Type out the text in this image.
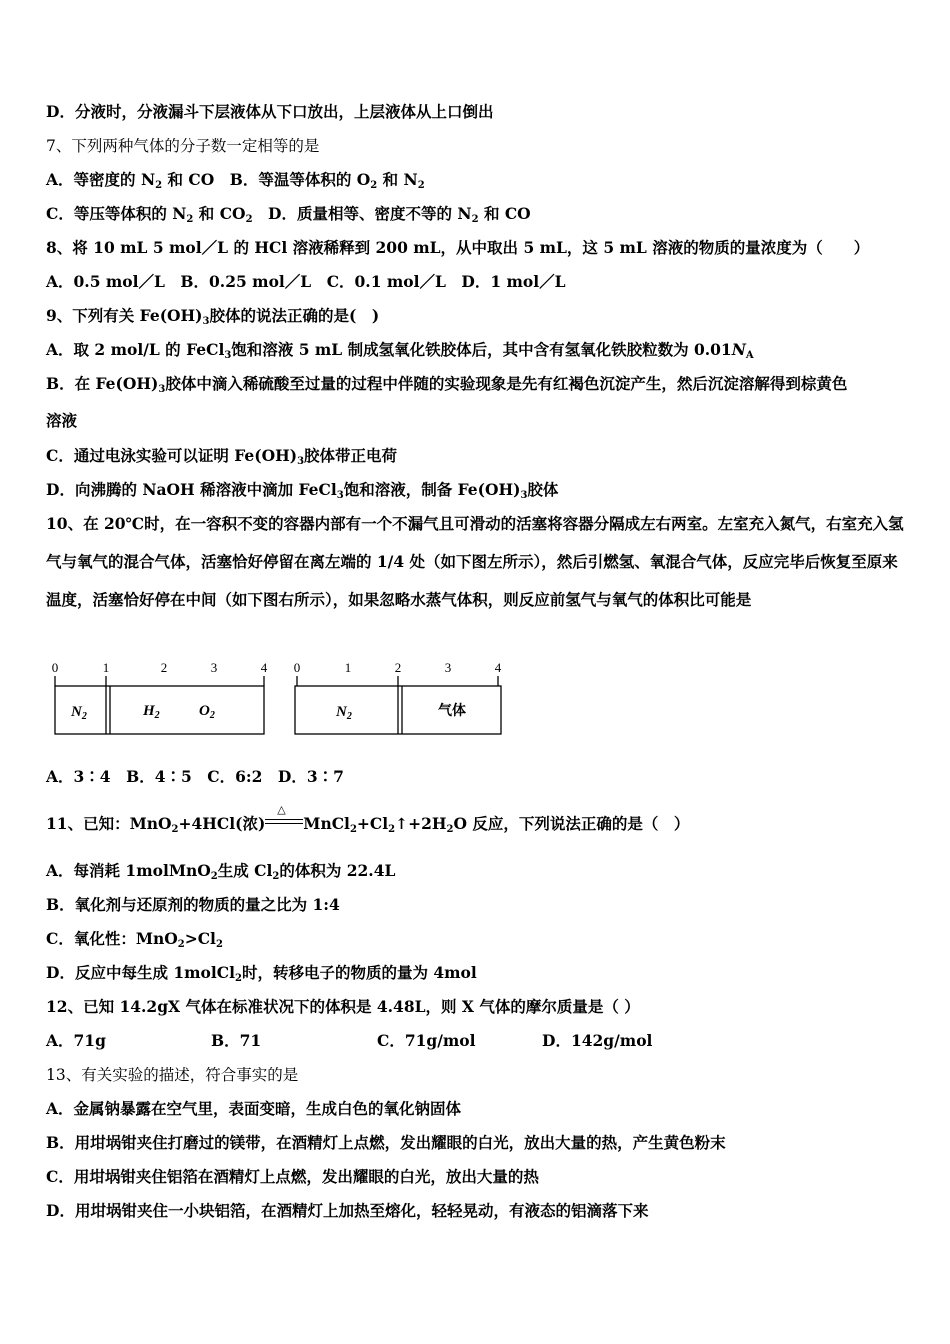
D．分液时，分液漏斗下层液体从下口放出，上层液体从上口倒出
7、下列两种气体的分子数一定相等的是
A．等密度的 $N_2$ 和 CO　B．等温等体积的 $O_2$ 和 $N_2$
C．等压等体积的 $N_2$ 和 $CO_2$　D．质量相等、密度不等的 $N_2$ 和 CO
8、将 10 mL 5 mol／L 的 HCl 溶液稀释到 200 mL，从中取出 5 mL，这 5 mL 溶液的物质的量浓度为（　　）
A．0.5 mol／L　B．0.25 mol／L　C．0.1 mol／L　D．1 mol／L
9、下列有关 $Fe(OH)_3$胶体的说法正确的是(　)
A．取 2 mol/L 的 FeCl$_3$饱和溶液 5 mL 制成氢氧化铁胶体后，其中含有氢氧化铁胶粒数为 $0.01N_A$
B．在 $Fe(OH)_3$胶体中滴入稀硫酸至过量的过程中伴随的实验现象是先有红褐色沉淀产生，然后沉淀溶解得到棕黄色
溶液
C．通过电泳实验可以证明 $Fe(OH)_3$胶体带正电荷
D．向沸腾的 NaOH 稀溶液中滴加 FeCl$_3$饱和溶液，制备 $Fe(OH)_3$胶体
10、在 20℃时，在一容积不变的容器内部有一个不漏气且可滑动的活塞将容器分隔成左右两室。左室充入氮气，右室充入氢气与氧气的混合气体，活塞恰好停留在离左端的 1/4 处（如下图左所示），然后引燃氢、氧混合气体，反应完毕后恢复至原来温度，活塞恰好停在中间（如下图右所示），如果忽略水蒸气体积，则反应前氢气与氧气的体积比可能是
0	1	2	3	4 0	1	2	3	4
$N_2$	$H_2$	$O_2$	$N_2$	气体
A．3∶4　B．4∶5　C．6:2　D．3∶7
11、已知：MnO$_2$+4HCl(浓)
△
$MnCl_2+Cl_2↑+2H_2O$ 反应，下列说法正确的是（　）
A．每消耗 1molMnO$_2$生成 $Cl_2$的体积为 22.4L
B．氧化剂与还原剂的物质的量之比为 1:4
C．氧化性：$MnO_2>Cl_2$
D．反应中每生成 1molCl$_2$时，转移电子的物质的量为 4mol
12、已知 14.2gX 气体在标准状况下的体积是 4.48L，则 X 气体的摩尔质量是（ ）
A．71g	B．71	C．71g/mol	D．142g/mol
13、有关实验的描述，符合事实的是
A．金属钠暴露在空气里，表面变暗，生成白色的氧化钠固体
B．用坩埚钳夹住打磨过的镁带，在酒精灯上点燃，发出耀眼的白光，放出大量的热，产生黄色粉末
C．用坩埚钳夹住铝箔在酒精灯上点燃，发出耀眼的白光，放出大量的热
D．用坩埚钳夹住一小块铝箔，在酒精灯上加热至熔化，轻轻晃动，有液态的铝滴落下来
